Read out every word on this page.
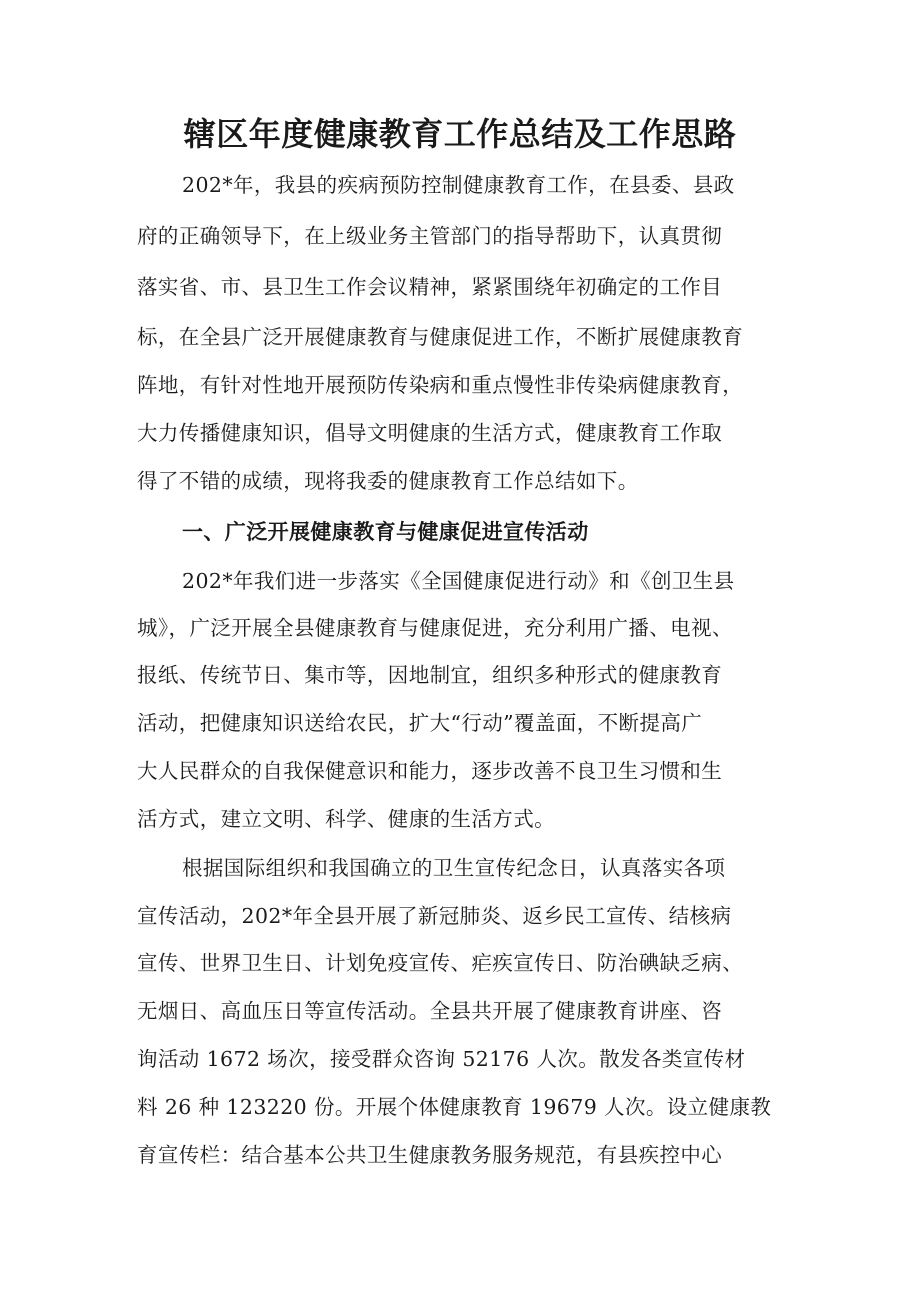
辖区年度健康教育工作总结及工作思路

202*年，我县的疾病预防控制健康教育工作，在县委、县政

府的正确领导下，在上级业务主管部门的指导帮助下，认真贯彻

落实省、市、县卫生工作会议精神，紧紧围绕年初确定的工作目

标，在全县广泛开展健康教育与健康促进工作，不断扩展健康教育

阵地，有针对性地开展预防传染病和重点慢性非传染病健康教育，

大力传播健康知识，倡导文明健康的生活方式，健康教育工作取

得了不错的成绩，现将我委的健康教育工作总结如下。

一、广泛开展健康教育与健康促进宣传活动

202*年我们进一步落实《全国健康促进行动》和《创卫生县

城》，广泛开展全县健康教育与健康促进，充分利用广播、电视、

报纸、传统节日、集市等，因地制宜，组织多种形式的健康教育

活动，把健康知识送给农民，扩大“行动”覆盖面，不断提高广

大人民群众的自我保健意识和能力，逐步改善不良卫生习惯和生

活方式，建立文明、科学、健康的生活方式。

根据国际组织和我国确立的卫生宣传纪念日，认真落实各项

宣传活动，202*年全县开展了新冠肺炎、返乡民工宣传、结核病

宣传、世界卫生日、计划免疫宣传、疟疾宣传日、防治碘缺乏病、

无烟日、高血压日等宣传活动。全县共开展了健康教育讲座、咨

询活动 1672 场次，接受群众咨询 52176 人次。散发各类宣传材

料 26 种 123220 份。开展个体健康教育 19679 人次。设立健康教

育宣传栏：结合基本公共卫生健康教务服务规范，有县疾控中心
